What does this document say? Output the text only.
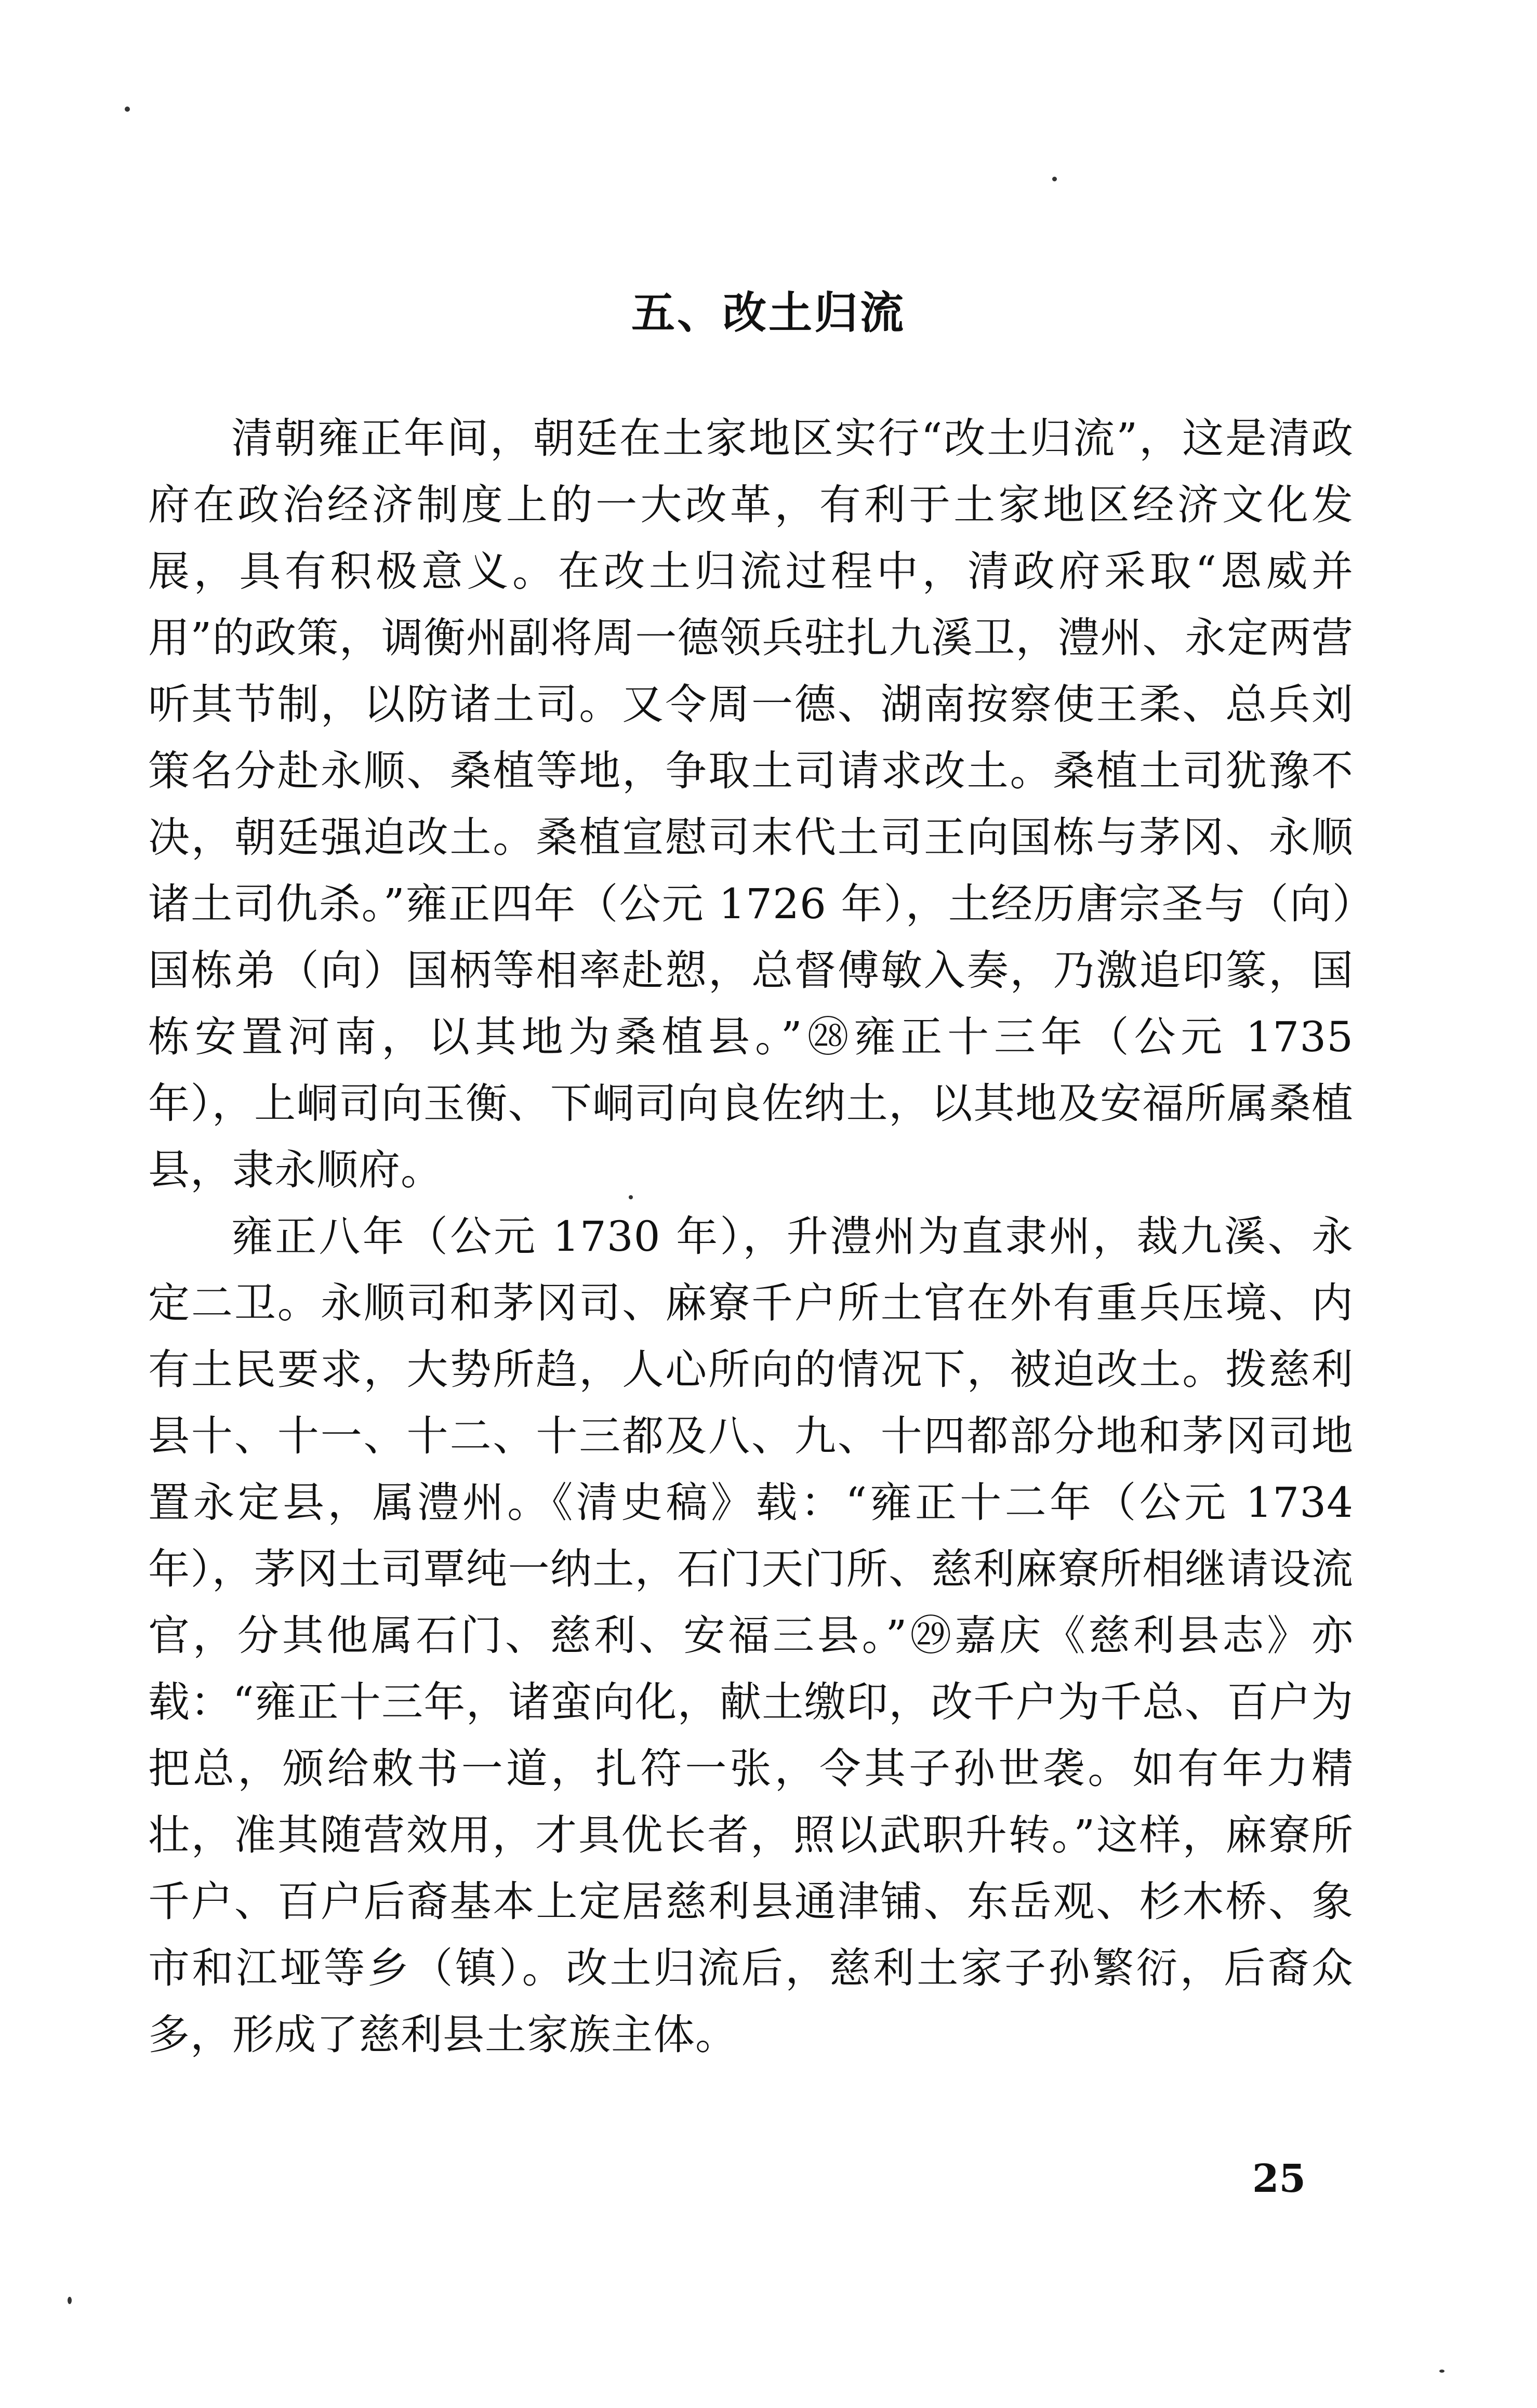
五、改土归流

清朝雍正年间，朝廷在土家地区实行“改土归流”，这是清政府在政治经济制度上的一大改革，有利于土家地区经济文化发展，具有积极意义。在改土归流过程中，清政府采取“恩威并用”的政策，调衡州副将周一德领兵驻扎九溪卫，澧州、永定两营听其节制，以防诸土司。又令周一德、湖南按察使王柔、总兵刘策名分赴永顺、桑植等地，争取土司请求改土。桑植土司犹豫不决，朝廷强迫改土。桑植宣慰司末代土司王向国栋与茅冈、永顺诸土司仇杀。”雍正四年（公元 1726 年），土经历唐宗圣与（向）国栋弟（向）国柄等相率赴愬，总督傅敏入奏，乃激追印篆，国栋安置河南，以其地为桑植县。”㉘雍正十三年（公元 1735 年），上峒司向玉衡、下峒司向良佐纳土，以其地及安福所属桑植县，隶永顺府。

雍正八年（公元 1730 年），升澧州为直隶州，裁九溪、永定二卫。永顺司和茅冈司、麻寮千户所土官在外有重兵压境、内有土民要求，大势所趋，人心所向的情况下，被迫改土。拨慈利县十、十一、十二、十三都及八、九、十四都部分地和茅冈司地置永定县，属澧州。《清史稿》载：“雍正十二年（公元 1734 年），茅冈土司覃纯一纳土，石门天门所、慈利麻寮所相继请设流官，分其他属石门、慈利、安福三县。”㉙嘉庆《慈利县志》亦载：“雍正十三年，诸蛮向化，献土缴印，改千户为千总、百户为把总，颁给敕书一道，扎符一张，令其子孙世袭。如有年力精壮，准其随营效用，才具优长者，照以武职升转。”这样，麻寮所千户、百户后裔基本上定居慈利县通津铺、东岳观、杉木桥、象市和江垭等乡（镇）。改土归流后，慈利土家子孙繁衍，后裔众多，形成了慈利县土家族主体。

25
